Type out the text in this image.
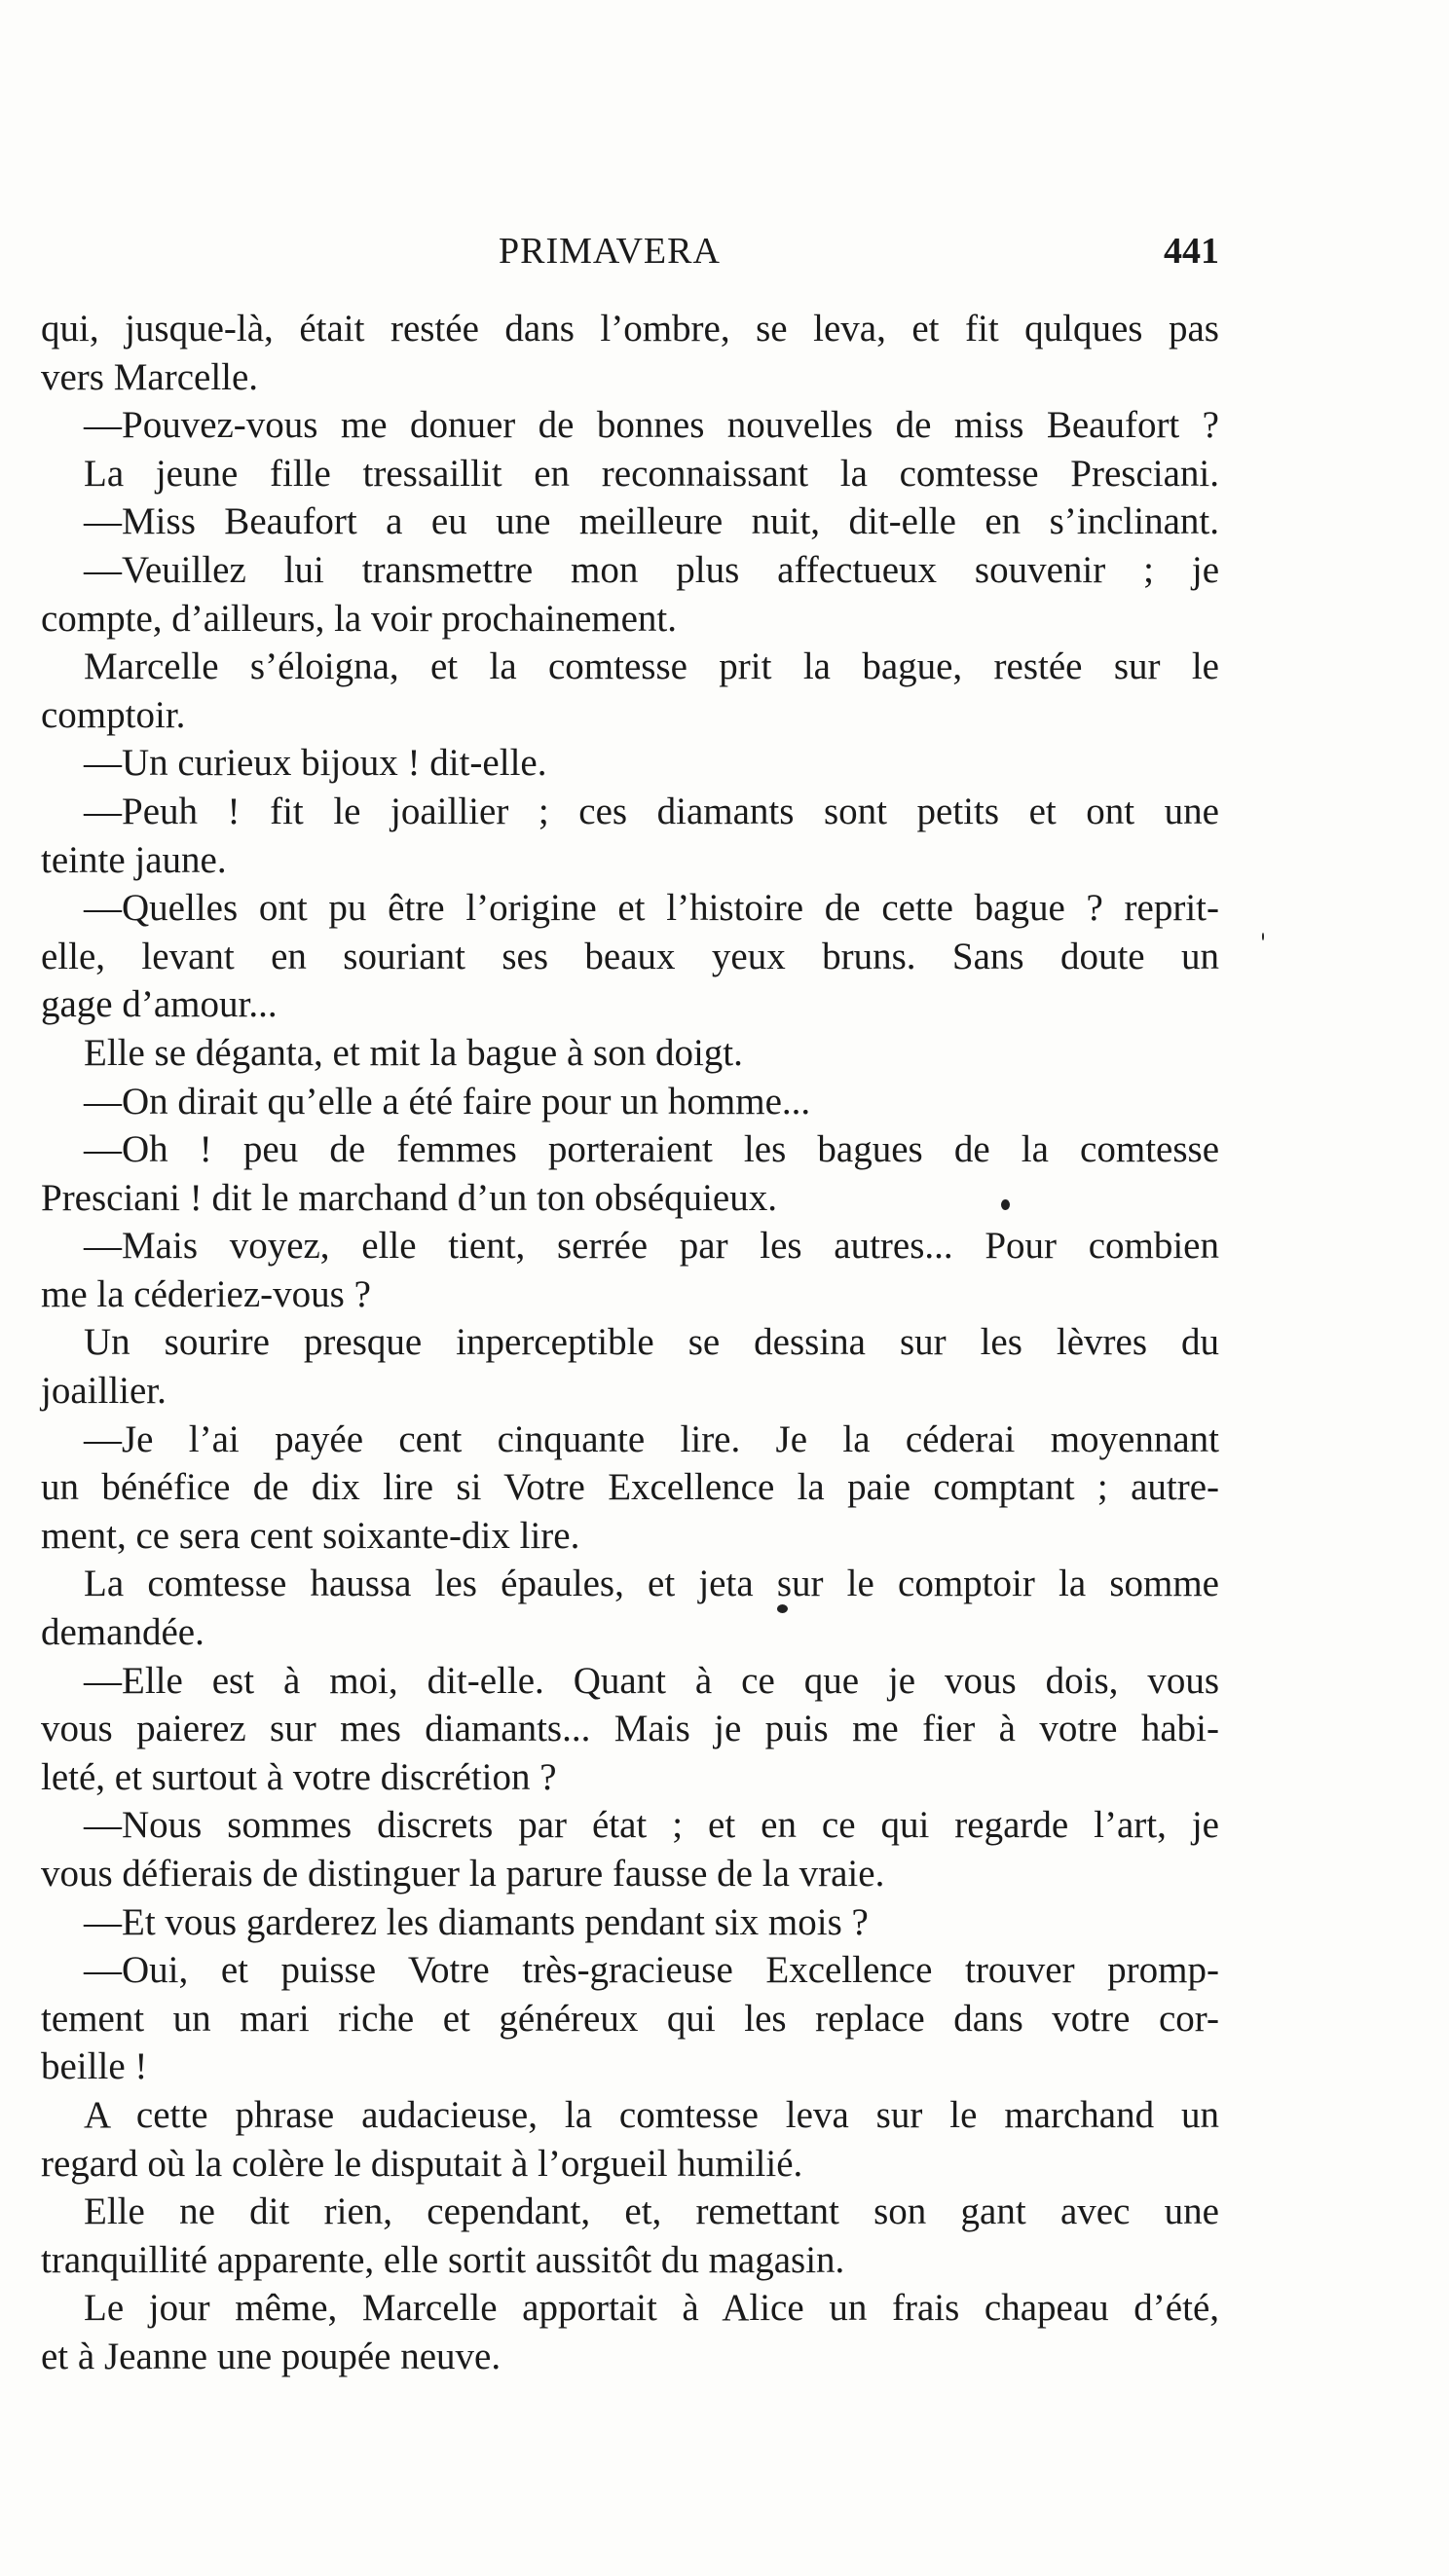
PRIMAVERA	441
qui, jusque-là, était restée dans l’ombre, se leva, et fit qulques pas
vers Marcelle.
—Pouvez-vous me donuer de bonnes nouvelles de miss Beaufort ?
La jeune fille tressaillit en reconnaissant la comtesse Presciani.
—Miss Beaufort a eu une meilleure nuit, dit-elle en s’inclinant.
—Veuillez lui transmettre mon plus affectueux souvenir ; je
compte, d’ailleurs, la voir prochainement.
Marcelle s’éloigna, et la comtesse prit la bague, restée sur le
comptoir.
—Un curieux bijoux ! dit-elle.
—Peuh ! fit le joaillier ; ces diamants sont petits et ont une
teinte jaune.
—Quelles ont pu être l’origine et l’histoire de cette bague ? reprit-
elle, levant en souriant ses beaux yeux bruns. Sans doute un
gage d’amour...
Elle se déganta, et mit la bague à son doigt.
—On dirait qu’elle a été faire pour un homme...
—Oh ! peu de femmes porteraient les bagues de la comtesse
Presciani ! dit le marchand d’un ton obséquieux.
—Mais voyez, elle tient, serrée par les autres... Pour combien
me la céderiez-vous ?
Un sourire presque inperceptible se dessina sur les lèvres du
joaillier.
—Je l’ai payée cent cinquante lire. Je la céderai moyennant
un bénéfice de dix lire si Votre Excellence la paie comptant ; autre-
ment, ce sera cent soixante-dix lire.
La comtesse haussa les épaules, et jeta sur le comptoir la somme
demandée.
—Elle est à moi, dit-elle. Quant à ce que je vous dois, vous
vous paierez sur mes diamants... Mais je puis me fier à votre habi-
leté, et surtout à votre discrétion ?
—Nous sommes discrets par état ; et en ce qui regarde l’art, je
vous défierais de distinguer la parure fausse de la vraie.
—Et vous garderez les diamants pendant six mois ?
—Oui, et puisse Votre très-gracieuse Excellence trouver promp-
tement un mari riche et généreux qui les replace dans votre cor-
beille !
A cette phrase audacieuse, la comtesse leva sur le marchand un
regard où la colère le disputait à l’orgueil humilié.
Elle ne dit rien, cependant, et, remettant son gant avec une
tranquillité apparente, elle sortit aussitôt du magasin.
Le jour même, Marcelle apportait à Alice un frais chapeau d’été,
et à Jeanne une poupée neuve.
